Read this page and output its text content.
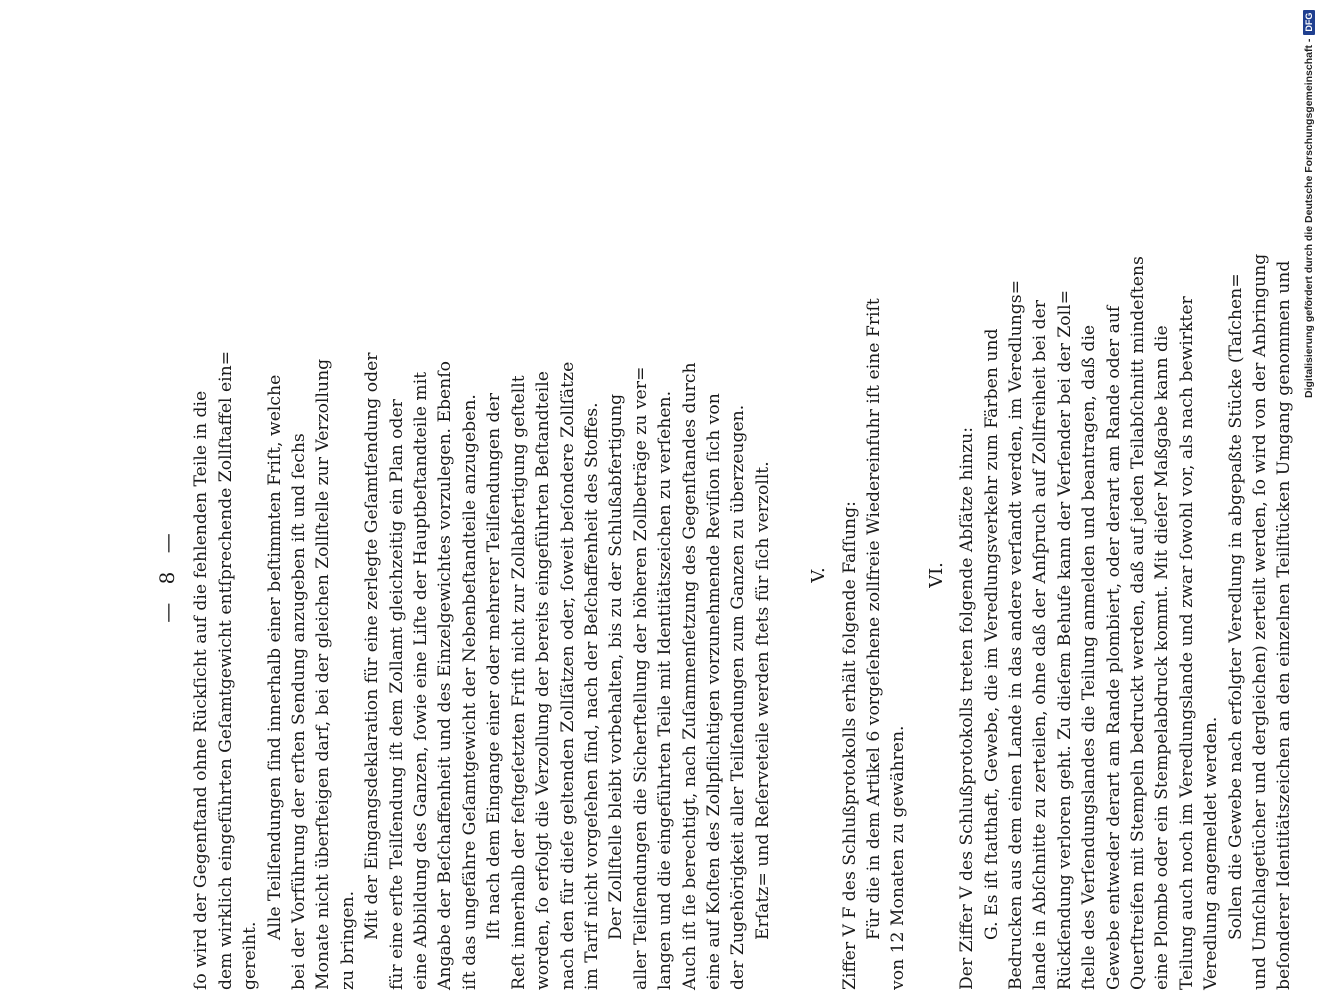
— 8 — ſo wird der Gegenſtand ohne Rückſicht auf die fehlenden Teile in die dem wirklich eingeführten Geſamtgewicht entſprechende Zollſtaffel ein= gereiht.
Alle Teilſendungen ſind innerhalb einer beſtimmten Friſt, welche bei der Vorführung der erſten Sendung anzugeben iſt und ſechs Monate nicht überſteigen darf, bei der gleichen Zollſtelle zur Verzollung zu bringen.
Mit der Eingangsdeklaration für eine zerlegte Geſamtſendung oder für eine erſte Teilſendung iſt dem Zollamt gleichzeitig ein Plan oder eine Abbildung des Ganzen, ſowie eine Liſte der Hauptbeſtandteile mit Angabe der Beſchaffenheit und des Einzelgewichtes vorzulegen. Ebenſo iſt das ungefähre Geſamtgewicht der Nebenbeſtandteile anzugeben. Iſt nach dem Eingange einer oder mehrerer Teilſendungen der Reſt innerhalb der feſtgeſetzten Friſt nicht zur Zollabfertigung geſtellt worden, ſo erfolgt die Verzollung der bereits eingeführten Beſtandteile nach den für dieſe geltenden Zollſätzen oder, ſoweit beſondere Zollſätze im Tarif nicht vorgeſehen ſind, nach der Beſchaffenheit des Stoffes. Der Zollſtelle bleibt vorbehalten, bis zu der Schlußabfertigung aller Teilſendungen die Sicherſtellung der höheren Zollbeträge zu ver= langen und die eingeführten Teile mit Identitätszeichen zu verſehen. Auch iſt ſie berechtigt, nach Zuſammenſetzung des Gegenſtandes durch eine auf Koſten des Zollpflichtigen vorzunehmende Reviſion ſich von der Zugehörigkeit aller Teilſendungen zum Ganzen zu überzeugen. Erſatz= und Reſerveteile werden ſtets für ſich verzollt. V. Ziffer V F des Schlußprotokolls erhält folgende Faſſung: Für die in dem Artikel 6 vorgeſehene zollfreie Wiedereinfuhr iſt eine Friſt von 12 Monaten zu gewähren.
VI. Der Ziffer V des Schlußprotokolls treten folgende Abſätze hinzu: G. Es iſt ſtatthaft, Gewebe, die im Veredlungsverkehr zum Färben und Bedrucken aus dem einen Lande in das andere verſandt werden, im Veredlungs= lande in Abſchnitte zu zerteilen, ohne daß der Anſpruch auf Zollfreiheit bei der Rückſendung verloren geht. Zu dieſem Behufe kann der Verſender bei der Zoll= ſtelle des Verſendungslandes die Teilung anmelden und beantragen, daß die Gewebe entweder derart am Rande plombiert, oder derart am Rande oder auf Querſtreifen mit Stempeln bedruckt werden, daß auf jeden Teilabſchnitt mindeſtens eine Plombe oder ein Stempelabdruck kommt. Mit dieſer Maßgabe kann die Teilung auch noch im Veredlungslande und zwar ſowohl vor, als nach bewirkter Veredlung angemeldet werden. Sollen die Gewebe nach erfolgter Veredlung in abgepaßte Stücke (Taſchen= und Umſchlagetücher und dergleichen) zerteilt werden, ſo wird von der Anbringung beſonderer Identitätszeichen an den einzelnen Teilſtücken Umgang genommen und
Digitalisierung gefördert durch die Deutsche Forschungsgemeinschaft -
DFG
